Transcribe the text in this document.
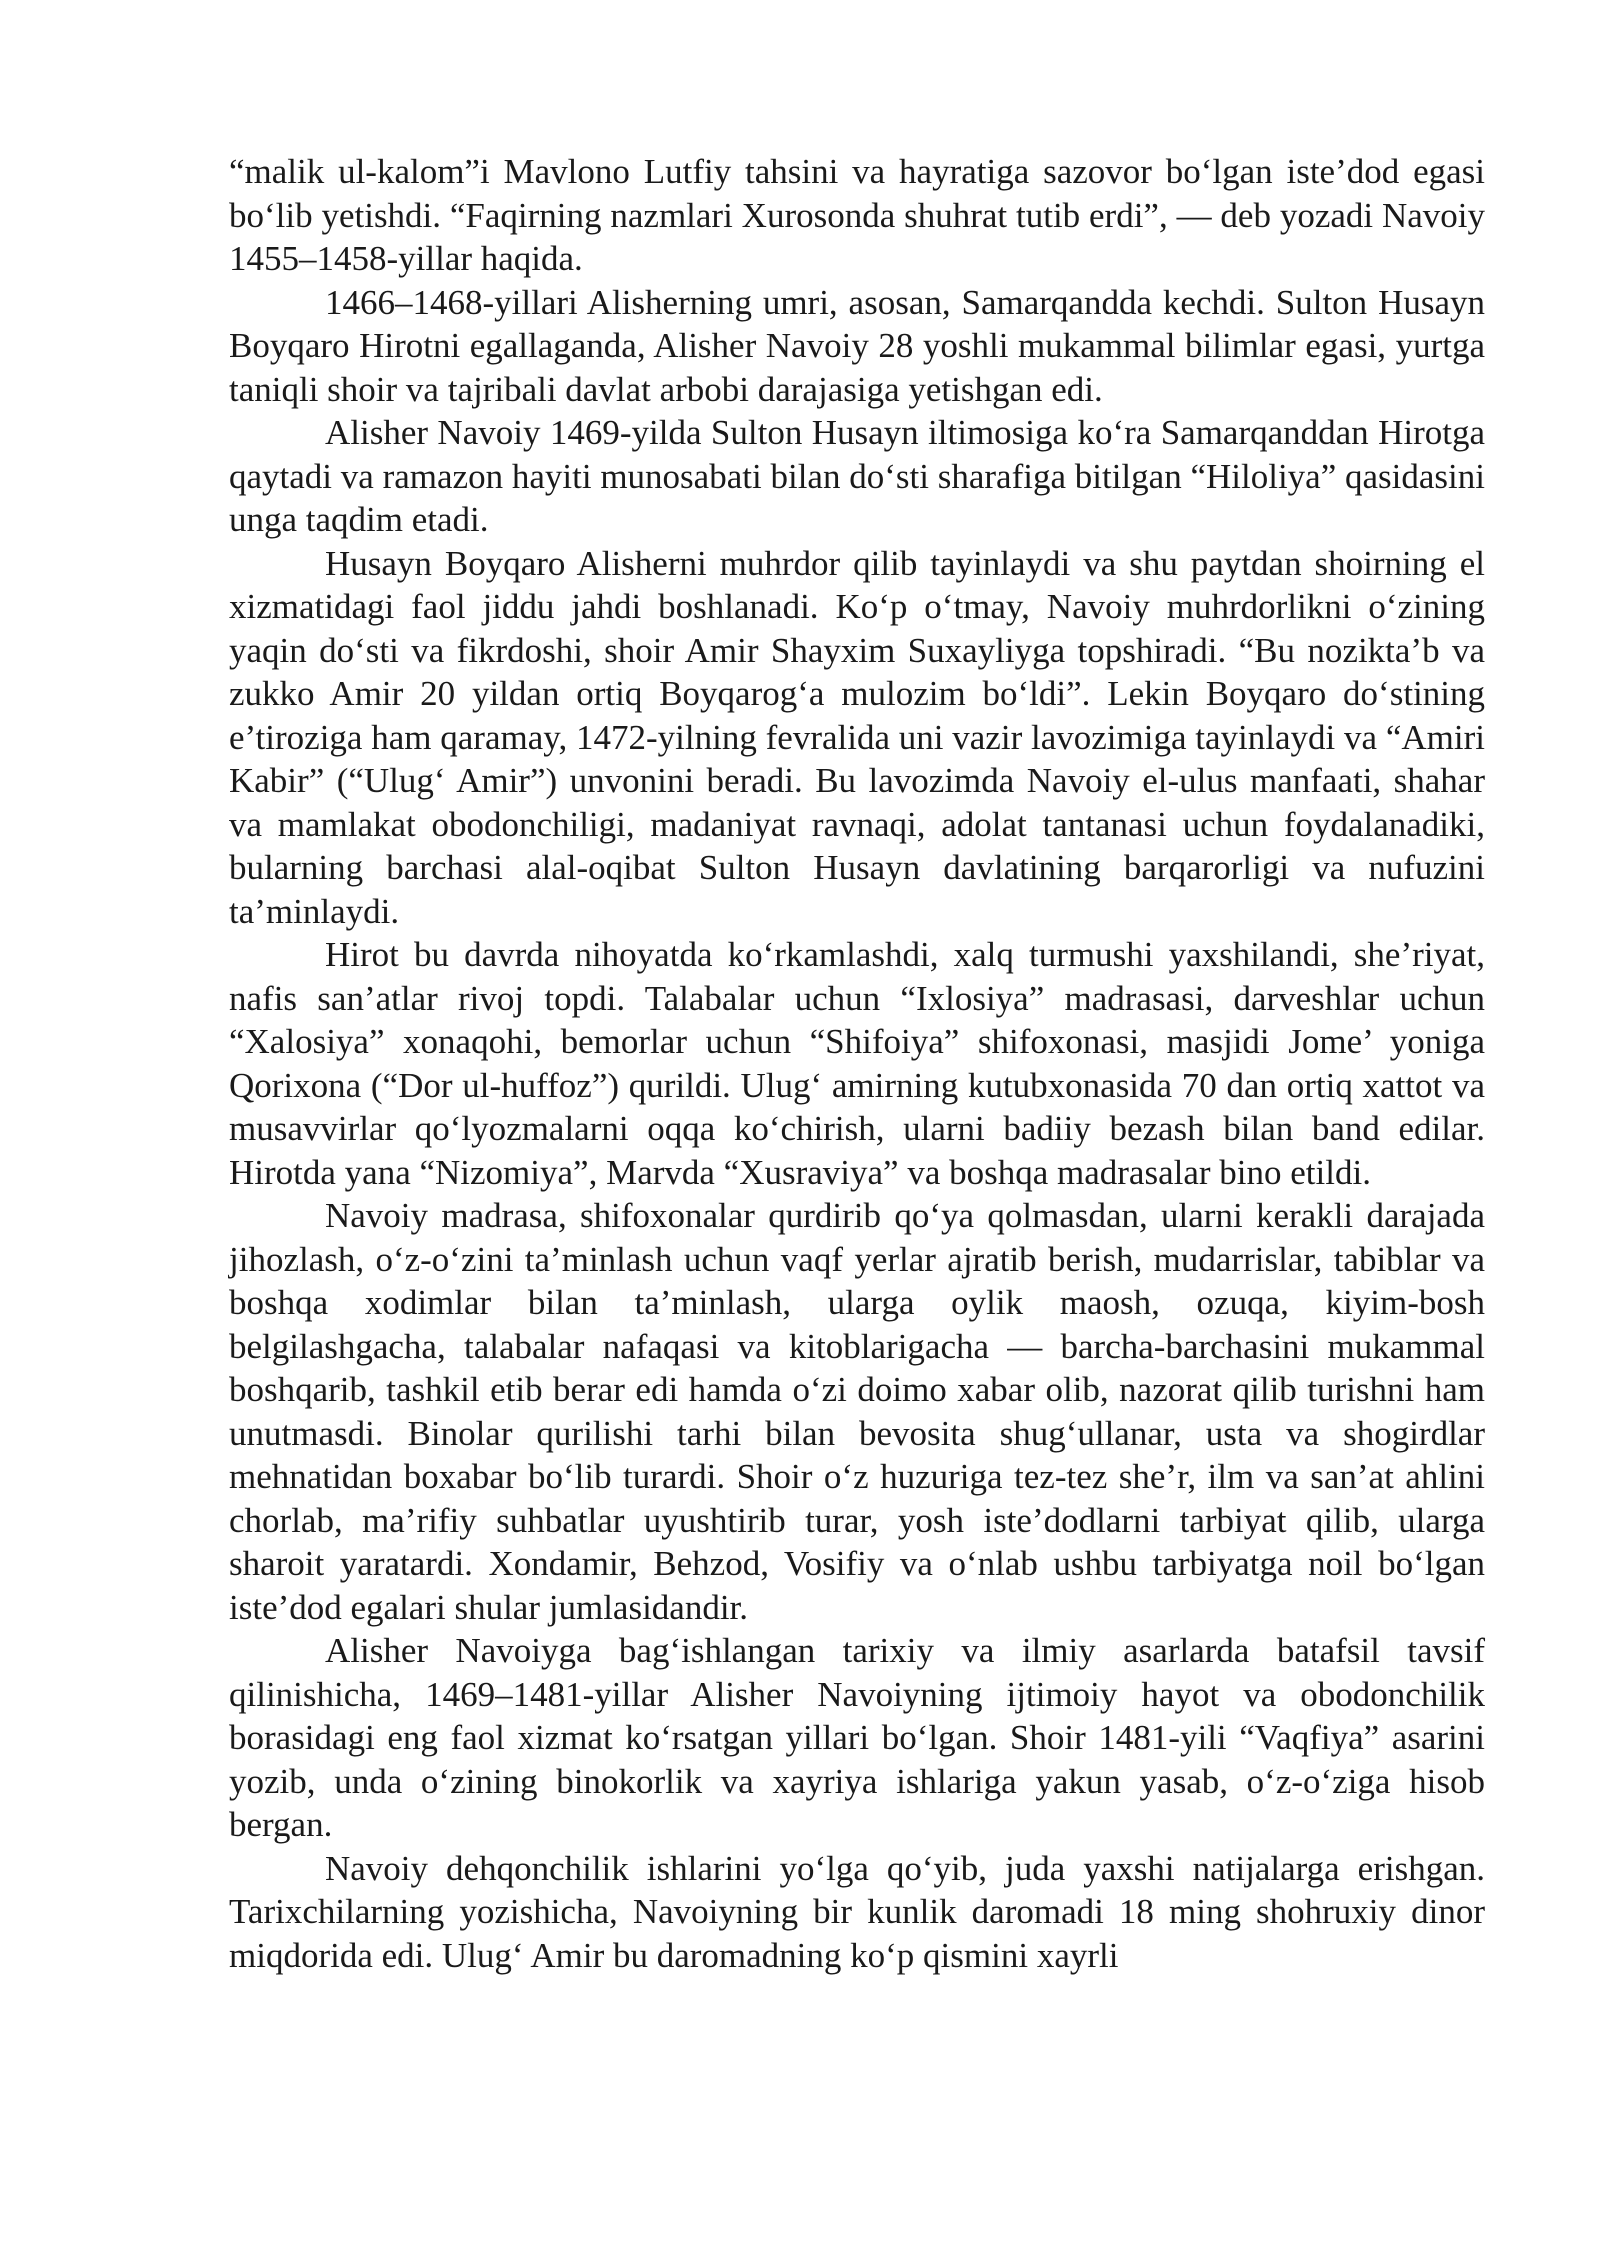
“malik ul-kalom”i Mavlono Lutfiy tahsini va hayratiga sazovor bo‘lgan iste’dod egasi bo‘lib yetishdi. “Faqirning nazmlari Xurosonda shuhrat tutib erdi”, — deb yozadi Navoiy 1455–1458-yillar haqida.

1466–1468-yillari Alisherning umri, asosan, Samarqandda kechdi. Sulton Husayn Boyqaro Hirotni egallaganda, Alisher Navoiy 28 yoshli mukammal bilimlar egasi, yurtga taniqli shoir va tajribali davlat arbobi darajasiga yetishgan edi.

Alisher Navoiy 1469-yilda Sulton Husayn iltimosiga ko‘ra Samarqanddan Hirotga qaytadi va ramazon hayiti munosabati bilan do‘sti sharafiga bitilgan “Hiloliya” qasidasini unga taqdim etadi.

Husayn Boyqaro Alisherni muhrdor qilib tayinlaydi va shu paytdan shoirning el xizmatidagi faol jiddu jahdi boshlanadi. Ko‘p o‘tmay, Navoiy muhrdorlikni o‘zining yaqin do‘sti va fikrdoshi, shoir Amir Shayxim Suxayliyga topshiradi. “Bu nozikta’b va zukko Amir 20 yildan ortiq Boyqarog‘a mulozim bo‘ldi”. Lekin Boyqaro do‘stining e’tiroziga ham qaramay, 1472-yilning fevralida uni vazir lavozimiga tayinlaydi va “Amiri Kabir” (“Ulug‘ Amir”) unvonini beradi. Bu lavozimda Navoiy el-ulus manfaati, shahar va mamlakat obodonchiligi, madaniyat ravnaqi, adolat tantanasi uchun foydalanadiki, bularning barchasi alal-oqibat Sulton Husayn davlatining barqarorligi va nufuzini ta’minlaydi.

Hirot bu davrda nihoyatda ko‘rkamlashdi, xalq turmushi yaxshilandi, she’riyat, nafis san’atlar rivoj topdi. Talabalar uchun “Ixlosiya” madrasasi, darveshlar uchun “Xalosiya” xonaqohi, bemorlar uchun “Shifoiya” shifoxonasi, masjidi Jome’ yoniga Qorixona (“Dor ul-huffoz”) qurildi. Ulug‘ amirning kutubxonasida 70 dan ortiq xattot va musavvirlar qo‘lyozmalarni oqqa ko‘chirish, ularni badiiy bezash bilan band edilar. Hirotda yana “Nizomiya”, Marvda “Xusraviya” va boshqa madrasalar bino etildi.

Navoiy madrasa, shifoxonalar qurdirib qo‘ya qolmasdan, ularni kerakli darajada jihozlash, o‘z-o‘zini ta’minlash uchun vaqf yerlar ajratib berish, mudarrislar, tabiblar va boshqa xodimlar bilan ta’minlash, ularga oylik maosh, ozuqa, kiyim-bosh belgilashgacha, talabalar nafaqasi va kitoblarigacha — barcha-barchasini mukammal boshqarib, tashkil etib berar edi hamda o‘zi doimo xabar olib, nazorat qilib turishni ham unutmasdi. Binolar qurilishi tarhi bilan bevosita shug‘ullanar, usta va shogirdlar mehnatidan boxabar bo‘lib turardi. Shoir o‘z huzuriga tez-tez she’r, ilm va san’at ahlini chorlab, ma’rifiy suhbatlar uyushtirib turar, yosh iste’dodlarni tarbiyat qilib, ularga sharoit yaratardi. Xondamir, Behzod, Vosifiy va o‘nlab ushbu tarbiyatga noil bo‘lgan iste’dod egalari shular jumlasidandir.

Alisher Navoiyga bag‘ishlangan tarixiy va ilmiy asarlarda batafsil tavsif qilinishicha, 1469–1481-yillar Alisher Navoiyning ijtimoiy hayot va obodonchilik borasidagi eng faol xizmat ko‘rsatgan yillari bo‘lgan. Shoir 1481-yili “Vaqfiya” asarini yozib, unda o‘zining binokorlik va xayriya ishlariga yakun yasab, o‘z-o‘ziga hisob bergan.

Navoiy dehqonchilik ishlarini yo‘lga qo‘yib, juda yaxshi natijalarga erishgan. Tarixchilarning yozishicha, Navoiyning bir kunlik daromadi 18 ming shohruxiy dinor miqdorida edi. Ulug‘ Amir bu daromadning ko‘p qismini xayrli
